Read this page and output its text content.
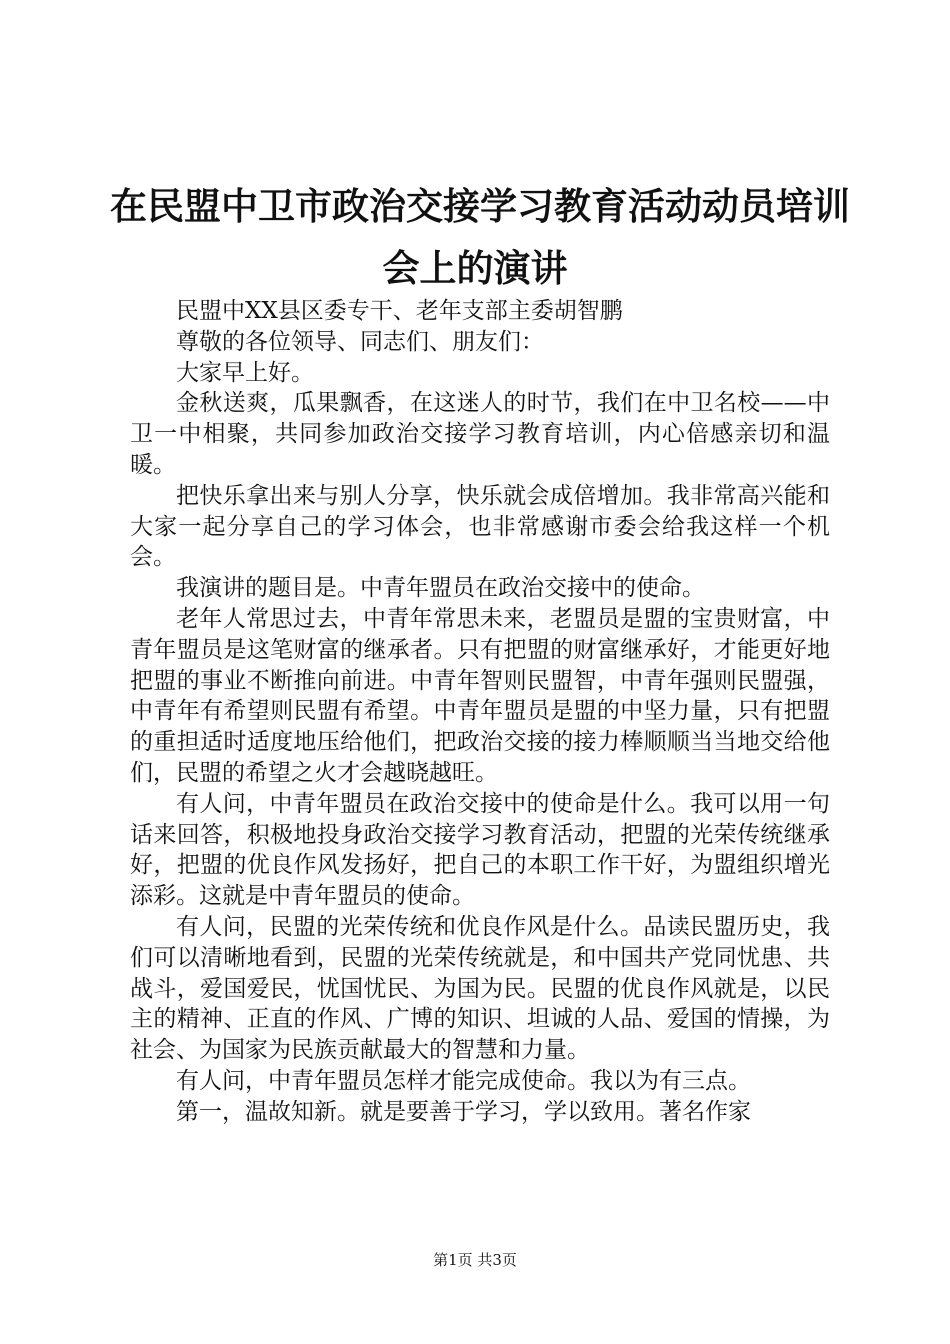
在民盟中卫市政治交接学习教育活动动员培训
会上的演讲

民盟中XX县区委专干、老年支部主委胡智鹏

尊敬的各位领导、同志们、朋友们：

大家早上好。

金秋送爽，瓜果飘香，在这迷人的时节，我们在中卫名校——中卫一中相聚，共同参加政治交接学习教育培训，内心倍感亲切和温暖。

把快乐拿出来与别人分享，快乐就会成倍增加。我非常高兴能和大家一起分享自己的学习体会，也非常感谢市委会给我这样一个机会。

我演讲的题目是。中青年盟员在政治交接中的使命。

老年人常思过去，中青年常思未来，老盟员是盟的宝贵财富，中青年盟员是这笔财富的继承者。只有把盟的财富继承好，才能更好地把盟的事业不断推向前进。中青年智则民盟智，中青年强则民盟强，中青年有希望则民盟有希望。中青年盟员是盟的中坚力量，只有把盟的重担适时适度地压给他们，把政治交接的接力棒顺顺当当地交给他们，民盟的希望之火才会越晓越旺。

有人问，中青年盟员在政治交接中的使命是什么。我可以用一句话来回答，积极地投身政治交接学习教育活动，把盟的光荣传统继承好，把盟的优良作风发扬好，把自己的本职工作干好，为盟组织增光添彩。这就是中青年盟员的使命。

有人问，民盟的光荣传统和优良作风是什么。品读民盟历史，我们可以清晰地看到，民盟的光荣传统就是，和中国共产党同忧患、共战斗，爱国爱民，忧国忧民、为国为民。民盟的优良作风就是，以民主的精神、正直的作风、广博的知识、坦诚的人品、爱国的情操，为社会、为国家为民族贡献最大的智慧和力量。

有人问，中青年盟员怎样才能完成使命。我以为有三点。

第一，温故知新。就是要善于学习，学以致用。著名作家

第1页 共3页
